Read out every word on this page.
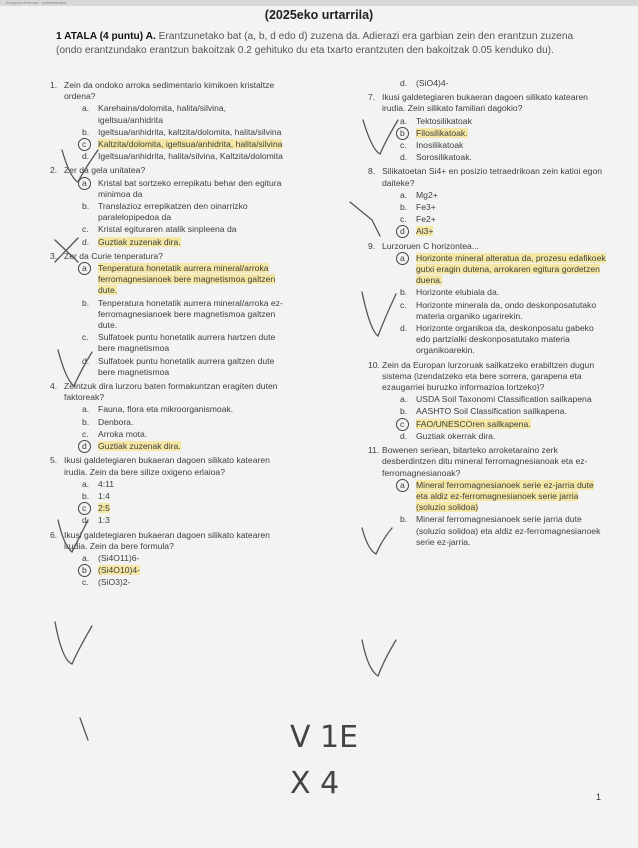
Ezagutza-Eremua · Unibertsitatea
(2025eko urtarrila)
1 ATALA (4 puntu) A. Erantzunetako bat (a, b, d edo d) zuzena da. Adierazi era garbian zein den erantzun zuzena
(ondo erantzundako erantzun bakoitzak 0.2 gehituko du eta txarto erantzuten den bakoitzak 0.05 kenduko du).
1. Zein da ondoko arroka sedimentario kimikoen kristaltze ordena?
a.	Karehaina/dolomita, halita/silvina, igeltsua/anhidrita
b.	Igeltsua/anhidrita, kaltzita/dolomita, halita/silvina
c	Kaltzita/dolomita, igeltsua/anhidrita, halita/silvina
d.	Igeltsua/anhidrita, halita/silvina, Kaltzita/dolomita
2. Zer da gela unitatea?
a	Kristal bat sortzeko errepikatu behar den egitura minimoa da
b.	Translazioz errepikatzen den oinarrizko paralelopipedoa da
c.	Kristal egituraren atalik sinpleena da
d.	Guztiak zuzenak dira.
3. Zer da Curie tenperatura?
a	Tenperatura honetatik aurrera mineral/arroka ferromagnesianoek bere magnetismoa galtzen dute.
b.	Tenperatura honetatik aurrera mineral/arroka ez-ferromagnesianoek bere magnetismoa galtzen dute.
c.	Sulfatoek puntu honetatik aurrera hartzen dute bere magnetismoa
d.	Sulfatoek puntu honetatik aurrera galtzen dute bere magnetismoa
4. Zeintzuk dira lurzoru baten formakuntzan eragiten duten faktoreak?
a.	Fauna, flora eta mikroorganismoak.
b.	Denbora.
c.	Arroka mota.
d	Guztiak zuzenak dira.
5. Ikusi galdetegiaren bukaeran dagoen silikato katearen irudia. Zein da bere silize oxigeno erlaioa?
a.	4:11
b.	1:4
c	2:5
d.	1:3
6. Ikusi galdetegiaren bukaeran dagoen silikato katearen irudia. Zein da bere formula?
a.	(Si4O11)6-
b	(Si4O10)4-
c.	(SiO3)2-
d.	(SiO4)4-
7. Ikusi galdetegiaren bukaeran dagoen silikato katearen irudia. Zein silikato familiari dagokio?
a.	Tektosilikatoak
b	Filosilikatoak.
c.	Inosilikatoak
d.	Sorosilikatoak.
8. Silikatoetan Si4+ en posizio tetraedrikoan zein katioi egon daiteke?
a.	Mg2+
b.	Fe3+
c.	Fe2+
d	Al3+
9. Lurzoruen C horizontea...
a	Horizonte mineral alteratua da, prozesu edafikoek gutxi eragin dutena, arrokaren egitura gordetzen duena.
b.	Horizonte elubiala da.
c.	Horizonte minerala da, ondo deskonposatutako materia organiko ugarirekin.
d.	Horizonte organikoa da, deskonposatu gabeko edo partzialki deskonposatutako materia organikoarekin.
10. Zein da Europan lurzoruak sailkatzeko erabiltzen dugun sistema (izendatzeko eta bere sorrera, garapena eta ezaugarriei buruzko informazioa lortzeko)?
a.	USDA Soil Taxonomi Classification sailkapena
b.	AASHTO Soil Classification sailkapena.
c	FAO/UNESCOren sailkapena.
d.	Guztiak okerrak dira.
11. Bowenen seriean, bitarteko arroketaraino zerk desberdintzen ditu mineral ferromagnesianoak eta ez-ferromagnesianoak?
a	Mineral ferromagnesianoek serie ez-jarria dute eta aldiz ez-ferromagnesianoek serie jarria (soluzio solidoa)
b.	Mineral ferromagnesianoek serie jarria dute (soluzio solidoa) eta aldiz ez-ferromagnesianoek serie ez-jarria.
V 1E
X 4	1
